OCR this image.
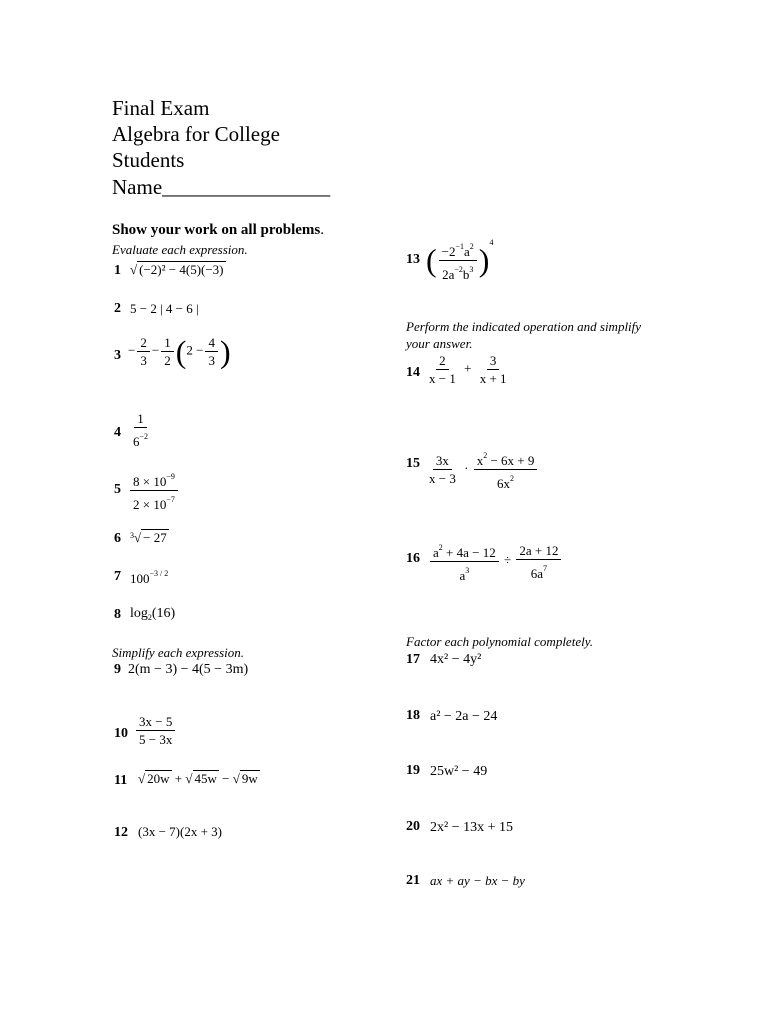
Final Exam
Algebra for College
Students
Name________________
Show your work on all problems.
Evaluate each expression.
1 √ (−2)² − 4(5)(−3)
2 5 − 2 | 4 − 6 |
$3 - \frac{2}{3} - \frac{1}{2} (2 - \frac{4}{3}$ )
$4 \frac{1}{6^{-2}}$
$5 \frac{8 \times 10^{-9}}{2 \times 10^{-7}}$
6 $^3$√ − 27
7 $100^{-3 / 2}$
8 $\log_2(16)$
Simplify each expression.
9 2(m − 3) − 4(5 − 3m)
$10 \frac{3x - 5}{5 - 3x}$
11 √ 20w + √ 45w − √ 9w
12 (3x − 7)(2x + 3)
13 ( $\frac{-2^{-1}a^2}{2a^{-2}b^3} )^4$
Perform the indicated operation and simplify your answer.
$14 \frac{2}{x - 1} + \frac{3}{x + 1}$
$15 \frac{3x}{x - 3} \cdot \frac{x^2 - 6x + 9}{6x^2}$
$16 \frac{a^2 + 4a - 12}{a^3} \div \frac{2a + 12}{6a^7}$
Factor each polynomial completely.
17 4x² − 4y²
18 a² − 2a − 24
19 25w² − 49
20 2x² − 13x + 15
21 ax + ay − bx − by
